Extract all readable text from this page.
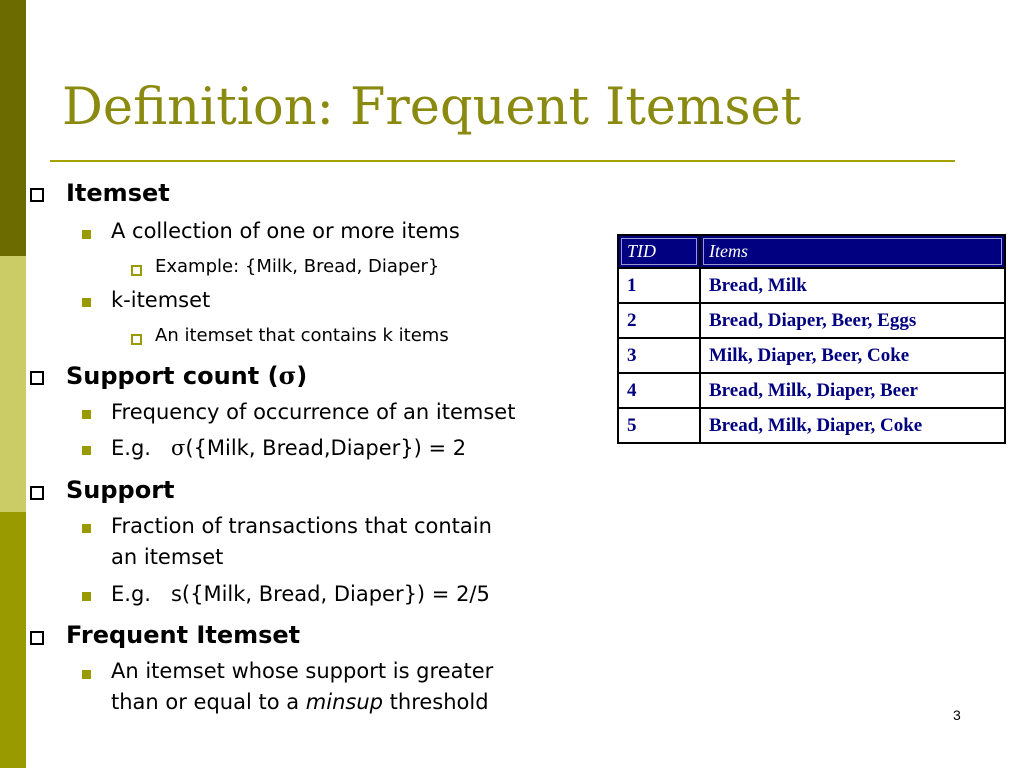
Definition: Frequent Itemset
Itemset
A collection of one or more items
Example: {Milk, Bread, Diaper}
k-itemset
An itemset that contains k items
Support count (σ)
Frequency of occurrence of an itemset
E.g.   σ({Milk, Bread,Diaper}) = 2
Support
Fraction of transactions that contain
an itemset
E.g.   s({Milk, Bread, Diaper}) = 2/5
Frequent Itemset
An itemset whose support is greater
than or equal to a minsup threshold
TID	Items
1	Bread, Milk
2	Bread, Diaper, Beer, Eggs
3	Milk, Diaper, Beer, Coke
4	Bread, Milk, Diaper, Beer
5	Bread, Milk, Diaper, Coke
3
